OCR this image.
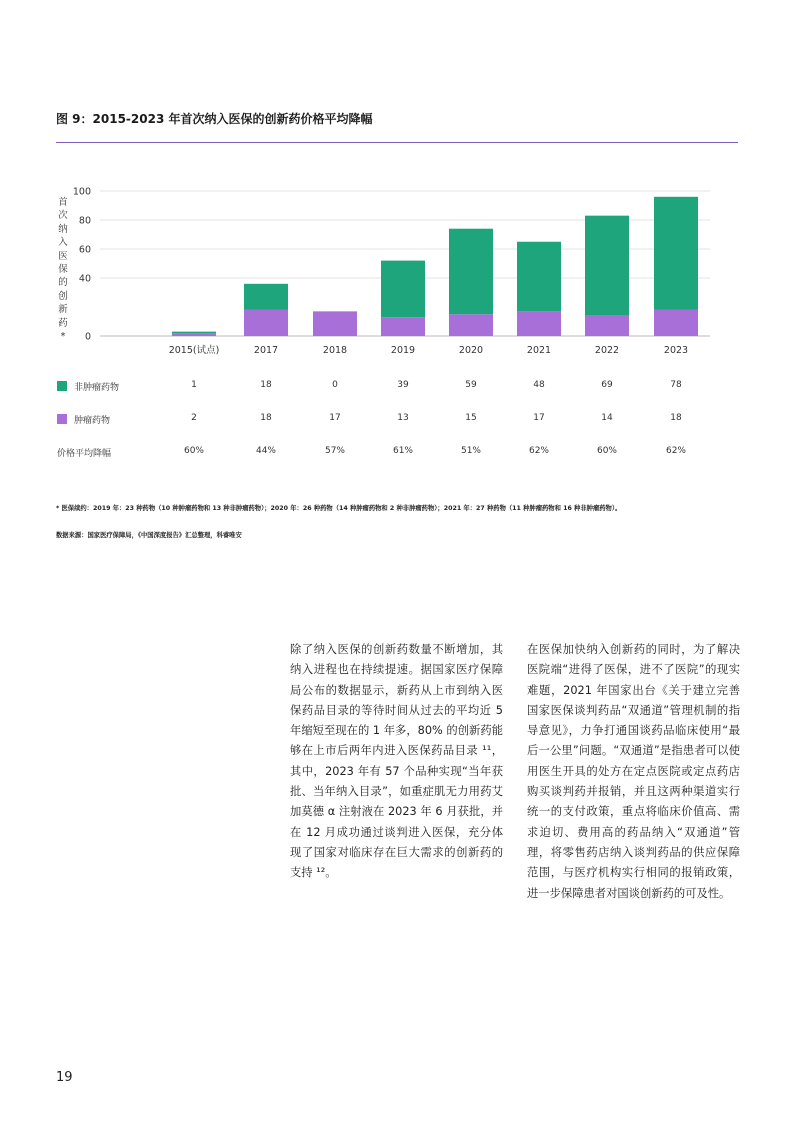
图 9：2015-2023 年首次纳入医保的创新药价格平均降幅
首次纳入医保的创新药*	0
40
60
80
100
2015(试点)	2017	2018	2019	2020	2021	2022	2023
非肿瘤药物	1	18	0	39	59	48	69	78
肿瘤药物	2	18	17	13	15	17	14	18
价格平均降幅	60%	44%	57%	61%	51%	62%	60%	62%
* 医保续约：2019 年：23 种药物（10 种肿瘤药物和 13 种非肿瘤药物）；2020 年：26 种药物（14 种肿瘤药物和 2 种非肿瘤药物）；2021 年：27 种药物（11 种肿瘤药物和 16 种非肿瘤药物）。
数据来源：国家医疗保障局，《中国深度报告》汇总整理，科睿唯安
除了纳入医保的创新药数量不断增加，其纳入进程也在持续提速。据国家医疗保障局公布的数据显示，新药从上市到纳入医保药品目录的等待时间从过去的平均近 5 年缩短至现在的 1 年多，80% 的创新药能够在上市后两年内进入医保药品目录 ¹¹，其中，2023 年有 57 个品种实现“当年获批、当年纳入目录”，如重症肌无力用药艾加莫德 α 注射液在 2023 年 6 月获批，并在 12 月成功通过谈判进入医保，充分体现了国家对临床存在巨大需求的创新药的支持 ¹²。
在医保加快纳入创新药的同时，为了解决医院端“进得了医保，进不了医院”的现实难题，2021 年国家出台《关于建立完善国家医保谈判药品“双通道”管理机制的指导意见》，力争打通国谈药品临床使用“最后一公里”问题。“双通道”是指患者可以使用医生开具的处方在定点医院或定点药店购买谈判药并报销，并且这两种渠道实行统一的支付政策，重点将临床价值高、需求迫切、费用高的药品纳入“双通道”管理，将零售药店纳入谈判药品的供应保障范围，与医疗机构实行相同的报销政策，进一步保障患者对国谈创新药的可及性。
19
